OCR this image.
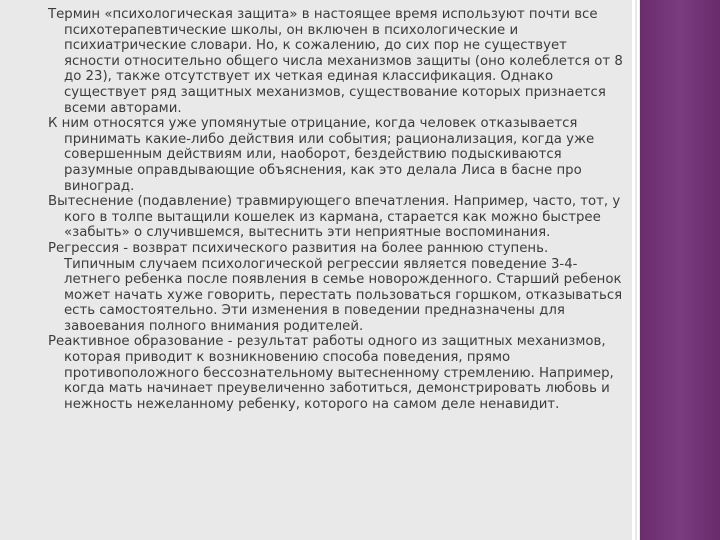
Термин «психологическая защита» в настоящее время используют почти все психотерапевтические школы, он включен в психологические и психиатрические словари. Но, к сожалению, до сих пор не существует ясности относительно общего числа механизмов защиты (оно колеблется от 8 до 23), также отсутствует их четкая единая классификация. Однако существует ряд защитных механизмов, существование которых признается всеми авторами.

К ним относятся уже упомянутые отрицание, когда человек отказывается принимать какие-либо действия или события; рационализация, когда уже совершенным действиям или, наоборот, бездействию подыскиваются разумные оправдывающие объяснения, как это делала Лиса в басне про виноград.

Вытеснение (подавление) травмирующего впечатления. Например, часто, тот, у кого в толпе вытащили кошелек из кармана, старается как можно быстрее «забыть» о случившемся, вытеснить эти неприятные воспоминания.

Регрессия - возврат психического развития на более раннюю ступень. Типичным случаем психологической регрессии является поведение 3-4-летнего ребенка после появления в семье новорожденного. Старший ребенок может начать хуже говорить, перестать пользоваться горшком, отказываться есть самостоятельно. Эти изменения в поведении предназначены для завоевания полного внимания родителей.

Реактивное образование - результат работы одного из защитных механизмов, которая приводит к возникновению способа поведения, прямо противоположного бессознательному вытесненному стремлению. Например, когда мать начинает преувеличенно заботиться, демонстрировать любовь и нежность нежеланному ребенку, которого на самом деле ненавидит.
